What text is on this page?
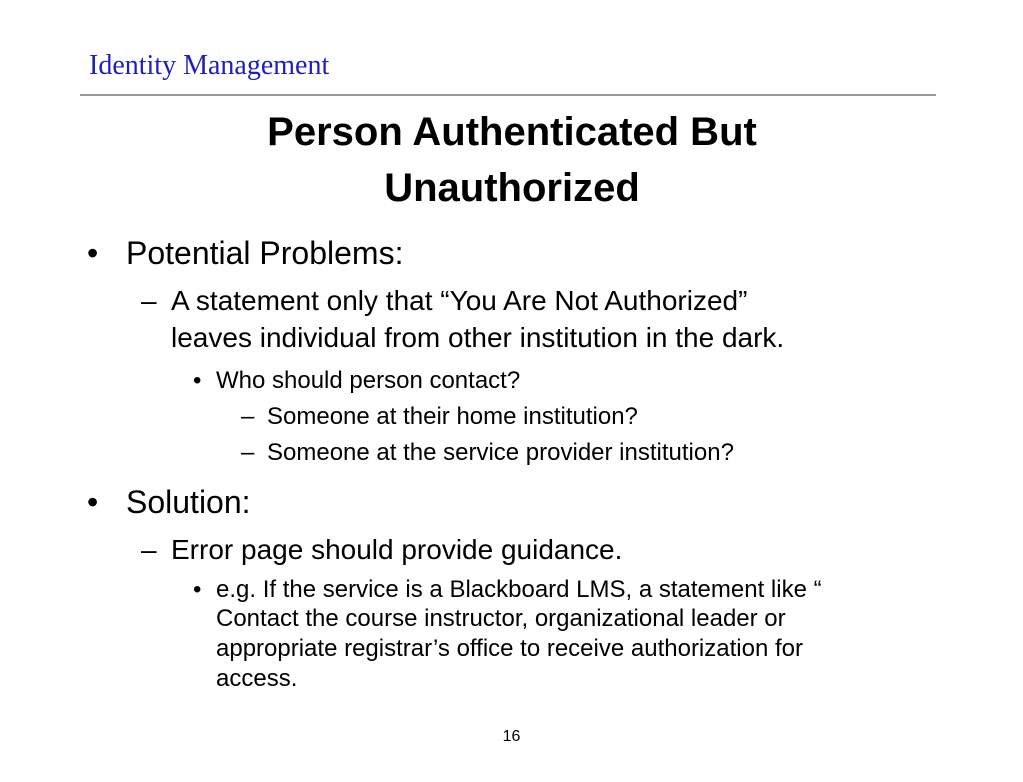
Identity Management
Person Authenticated But
Unauthorized
• Potential Problems:
– A statement only that “You Are Not Authorized”
leaves individual from other institution in the dark.
• Who should person contact?
– Someone at their home institution?
– Someone at the service provider institution?
• Solution:
– Error page should provide guidance.
• e.g. If the service is a Blackboard LMS, a statement like “
Contact the course instructor, organizational leader or
appropriate registrar’s office to receive authorization for
access.
16
